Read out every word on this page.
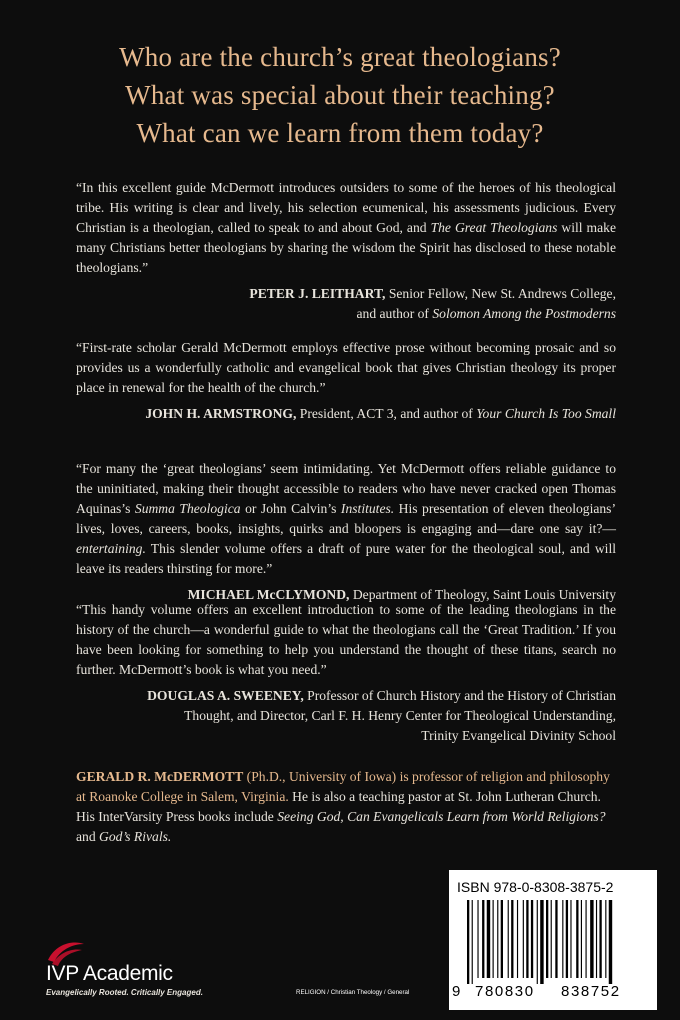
Who are the church’s great theologians?
What was special about their teaching?
What can we learn from them today?

“In this excellent guide McDermott introduces outsiders to some of the heroes of his theological tribe. His writing is clear and lively, his selection ecumenical, his assessments judicious. Every Christian is a theologian, called to speak to and about God, and The Great Theologians will make many Christians better theologians by sharing the wisdom the Spirit has disclosed to these notable theologians.”

PETER J. LEITHART, Senior Fellow, New St. Andrews College,
and author of Solomon Among the Postmoderns

“First-rate scholar Gerald McDermott employs effective prose without becoming prosaic and so provides us a wonderfully catholic and evangelical book that gives Christian theology its proper place in renewal for the health of the church.”

JOHN H. ARMSTRONG, President, ACT 3, and author of Your Church Is Too Small

“For many the ‘great theologians’ seem intimidating. Yet McDermott offers reliable guidance to the uninitiated, making their thought accessible to readers who have never cracked open Thomas Aquinas’s Summa Theologica or John Calvin’s Institutes. His presentation of eleven theologians’ lives, loves, careers, books, insights, quirks and bloopers is engaging and—dare one say it?—entertaining. This slender volume offers a draft of pure water for the theological soul, and will leave its readers thirsting for more.”

MICHAEL McCLYMOND, Department of Theology, Saint Louis University

“This handy volume offers an excellent introduction to some of the leading theologians in the history of the church—a wonderful guide to what the theologians call the ‘Great Tradition.’ If you have been looking for something to help you understand the thought of these titans, search no further. McDermott’s book is what you need.”

DOUGLAS A. SWEENEY, Professor of Church History and the History of Christian
Thought, and Director, Carl F. H. Henry Center for Theological Understanding,
Trinity Evangelical Divinity School

GERALD R. McDERMOTT (Ph.D., University of Iowa) is professor of religion and philosophy at Roanoke College in Salem, Virginia. He is also a teaching pastor at St. John Lutheran Church. His InterVarsity Press books include Seeing God, Can Evangelicals Learn from World Religions? and God’s Rivals.
IVP Academic
Evangelically Rooted. Critically Engaged.	RELIGION / Christian Theology / General
ISBN 978-0-8308-3875-2
9 780830 838752
